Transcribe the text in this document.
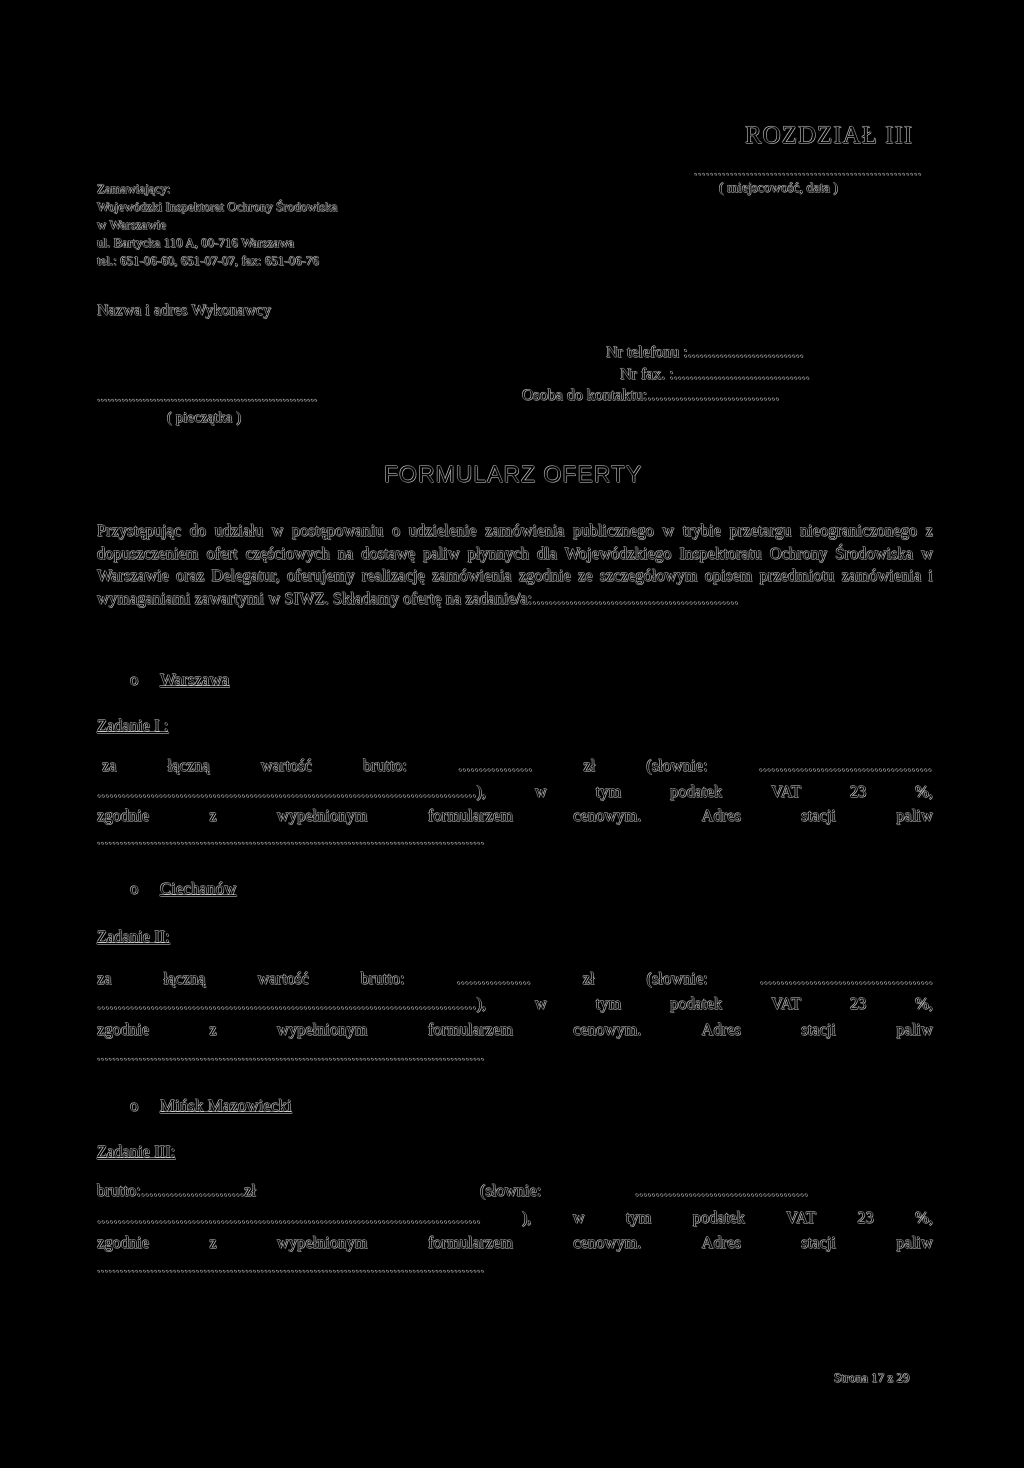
ROZDZIAŁ III
.........................................................
( miejscowość, data )
Zamawiający:
Wojewódzki Inspektorat Ochrony Środowiska
w Warszawie
ul. Bartycka 110 A, 00-716 Warszawa
tel.: 651-06-60, 651-07-07, fax: 651-06-76
Nazwa i adres Wykonawcy
Nr telefonu :.............................
Nr fax. :..................................
Osoba do kontaktu:.................................
...............................................................
( pieczątka )
FORMULARZ OFERTY
Przystępując do udziału w postępowaniu o udzielenie zamówienia publicznego w trybie przetargu nieograniczonego z dopuszczeniem ofert częściowych na dostawę paliw płynnych dla Wojewódzkiego Inspektoratu Ochrony Środowiska w Warszawie oraz Delegatur, oferujemy realizację zamówienia zgodnie ze szczegółowym opisem przedmiotu zamówienia i wymaganiami zawartymi w SIWZ. Składamy ofertę na zadanie/a:..................................................
o Warszawa
Zadanie I :
za	łączną	wartość	brutto:	..................	zł	(słownie:	..........................................
............................................................................................),	w	tym	podatek	VAT	23	%,
zgodnie	z	wypełnionym	formularzem	cenowym.	Adres	stacji	paliw
......................................................................................................
o Ciechanów
Zadanie II:
za	łączną	wartość	brutto:	..................	zł	(słownie:	..........................................
............................................................................................),	w	tym	podatek	VAT	23	%,
zgodnie	z	wypełnionym	formularzem	cenowym.	Adres	stacji	paliw
......................................................................................................
o Mińsk Mazowiecki
Zadanie III:
brutto:.........................zł	(słownie:	..........................................
............................................................................................. ), w tym podatek VAT 23 %,
zgodnie	z	wypełnionym	formularzem	cenowym.	Adres	stacji	paliw
......................................................................................................
Strona 17 z 29
